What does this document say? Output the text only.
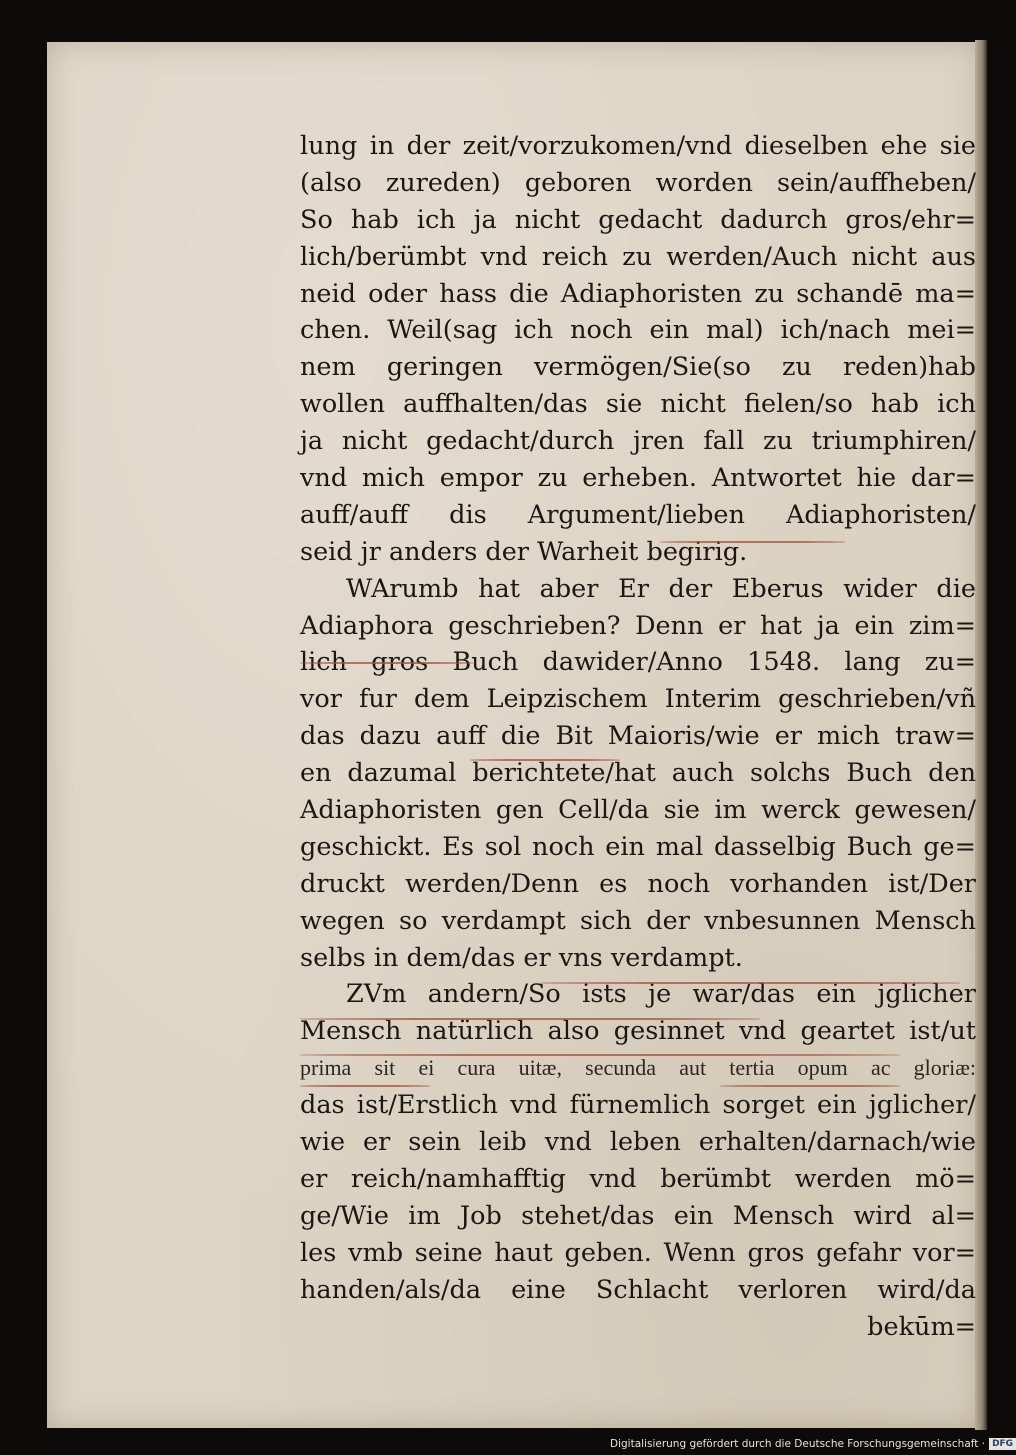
lung in der zeit/vorzukomen/vnd dieselben ehe sie
(also zureden) geboren worden sein/auffheben/
So hab ich ja nicht gedacht dadurch gros/ehr=
lich/berümbt vnd reich zu werden/Auch nicht aus
neid oder hass die Adiaphoristen zu schandē ma=
chen. Weil(sag ich noch ein mal) ich/nach mei=
nem geringen vermögen/Sie(so zu reden)hab
wollen auffhalten/das sie nicht fielen/so hab ich
ja nicht gedacht/durch jren fall zu triumphiren/
vnd mich empor zu erheben. Antwortet hie dar=
auff/auff dis Argument/lieben Adiaphoristen/
seid jr anders der Warheit begirig.
WArumb hat aber Er der Eberus wider die
Adiaphora geschrieben? Denn er hat ja ein zim=
lich gros Buch dawider/Anno 1548. lang zu=
vor fur dem Leipzischem Interim geschrieben/vñ
das dazu auff die Bit Maioris/wie er mich traw=
en dazumal berichtete/hat auch solchs Buch den
Adiaphoristen gen Cell/da sie im werck gewesen/
geschickt. Es sol noch ein mal dasselbig Buch ge=
druckt werden/Denn es noch vorhanden ist/Der
wegen so verdampt sich der vnbesunnen Mensch
selbs in dem/das er vns verdampt.
ZVm andern/So ists je war/das ein jglicher
Mensch natürlich also gesinnet vnd geartet ist/ut
prima sit ei cura uitæ, secunda aut tertia opum ac gloriæ:
das ist/Erstlich vnd fürnemlich sorget ein jglicher/
wie er sein leib vnd leben erhalten/darnach/wie
er reich/namhafftig vnd berümbt werden mö=
ge/Wie im Job stehet/das ein Mensch wird al=
les vmb seine haut geben. Wenn gros gefahr vor=
handen/als/da eine Schlacht verloren wird/da
bekūm=
Digitalisierung gefördert durch die Deutsche Forschungsgemeinschaft · DFG
